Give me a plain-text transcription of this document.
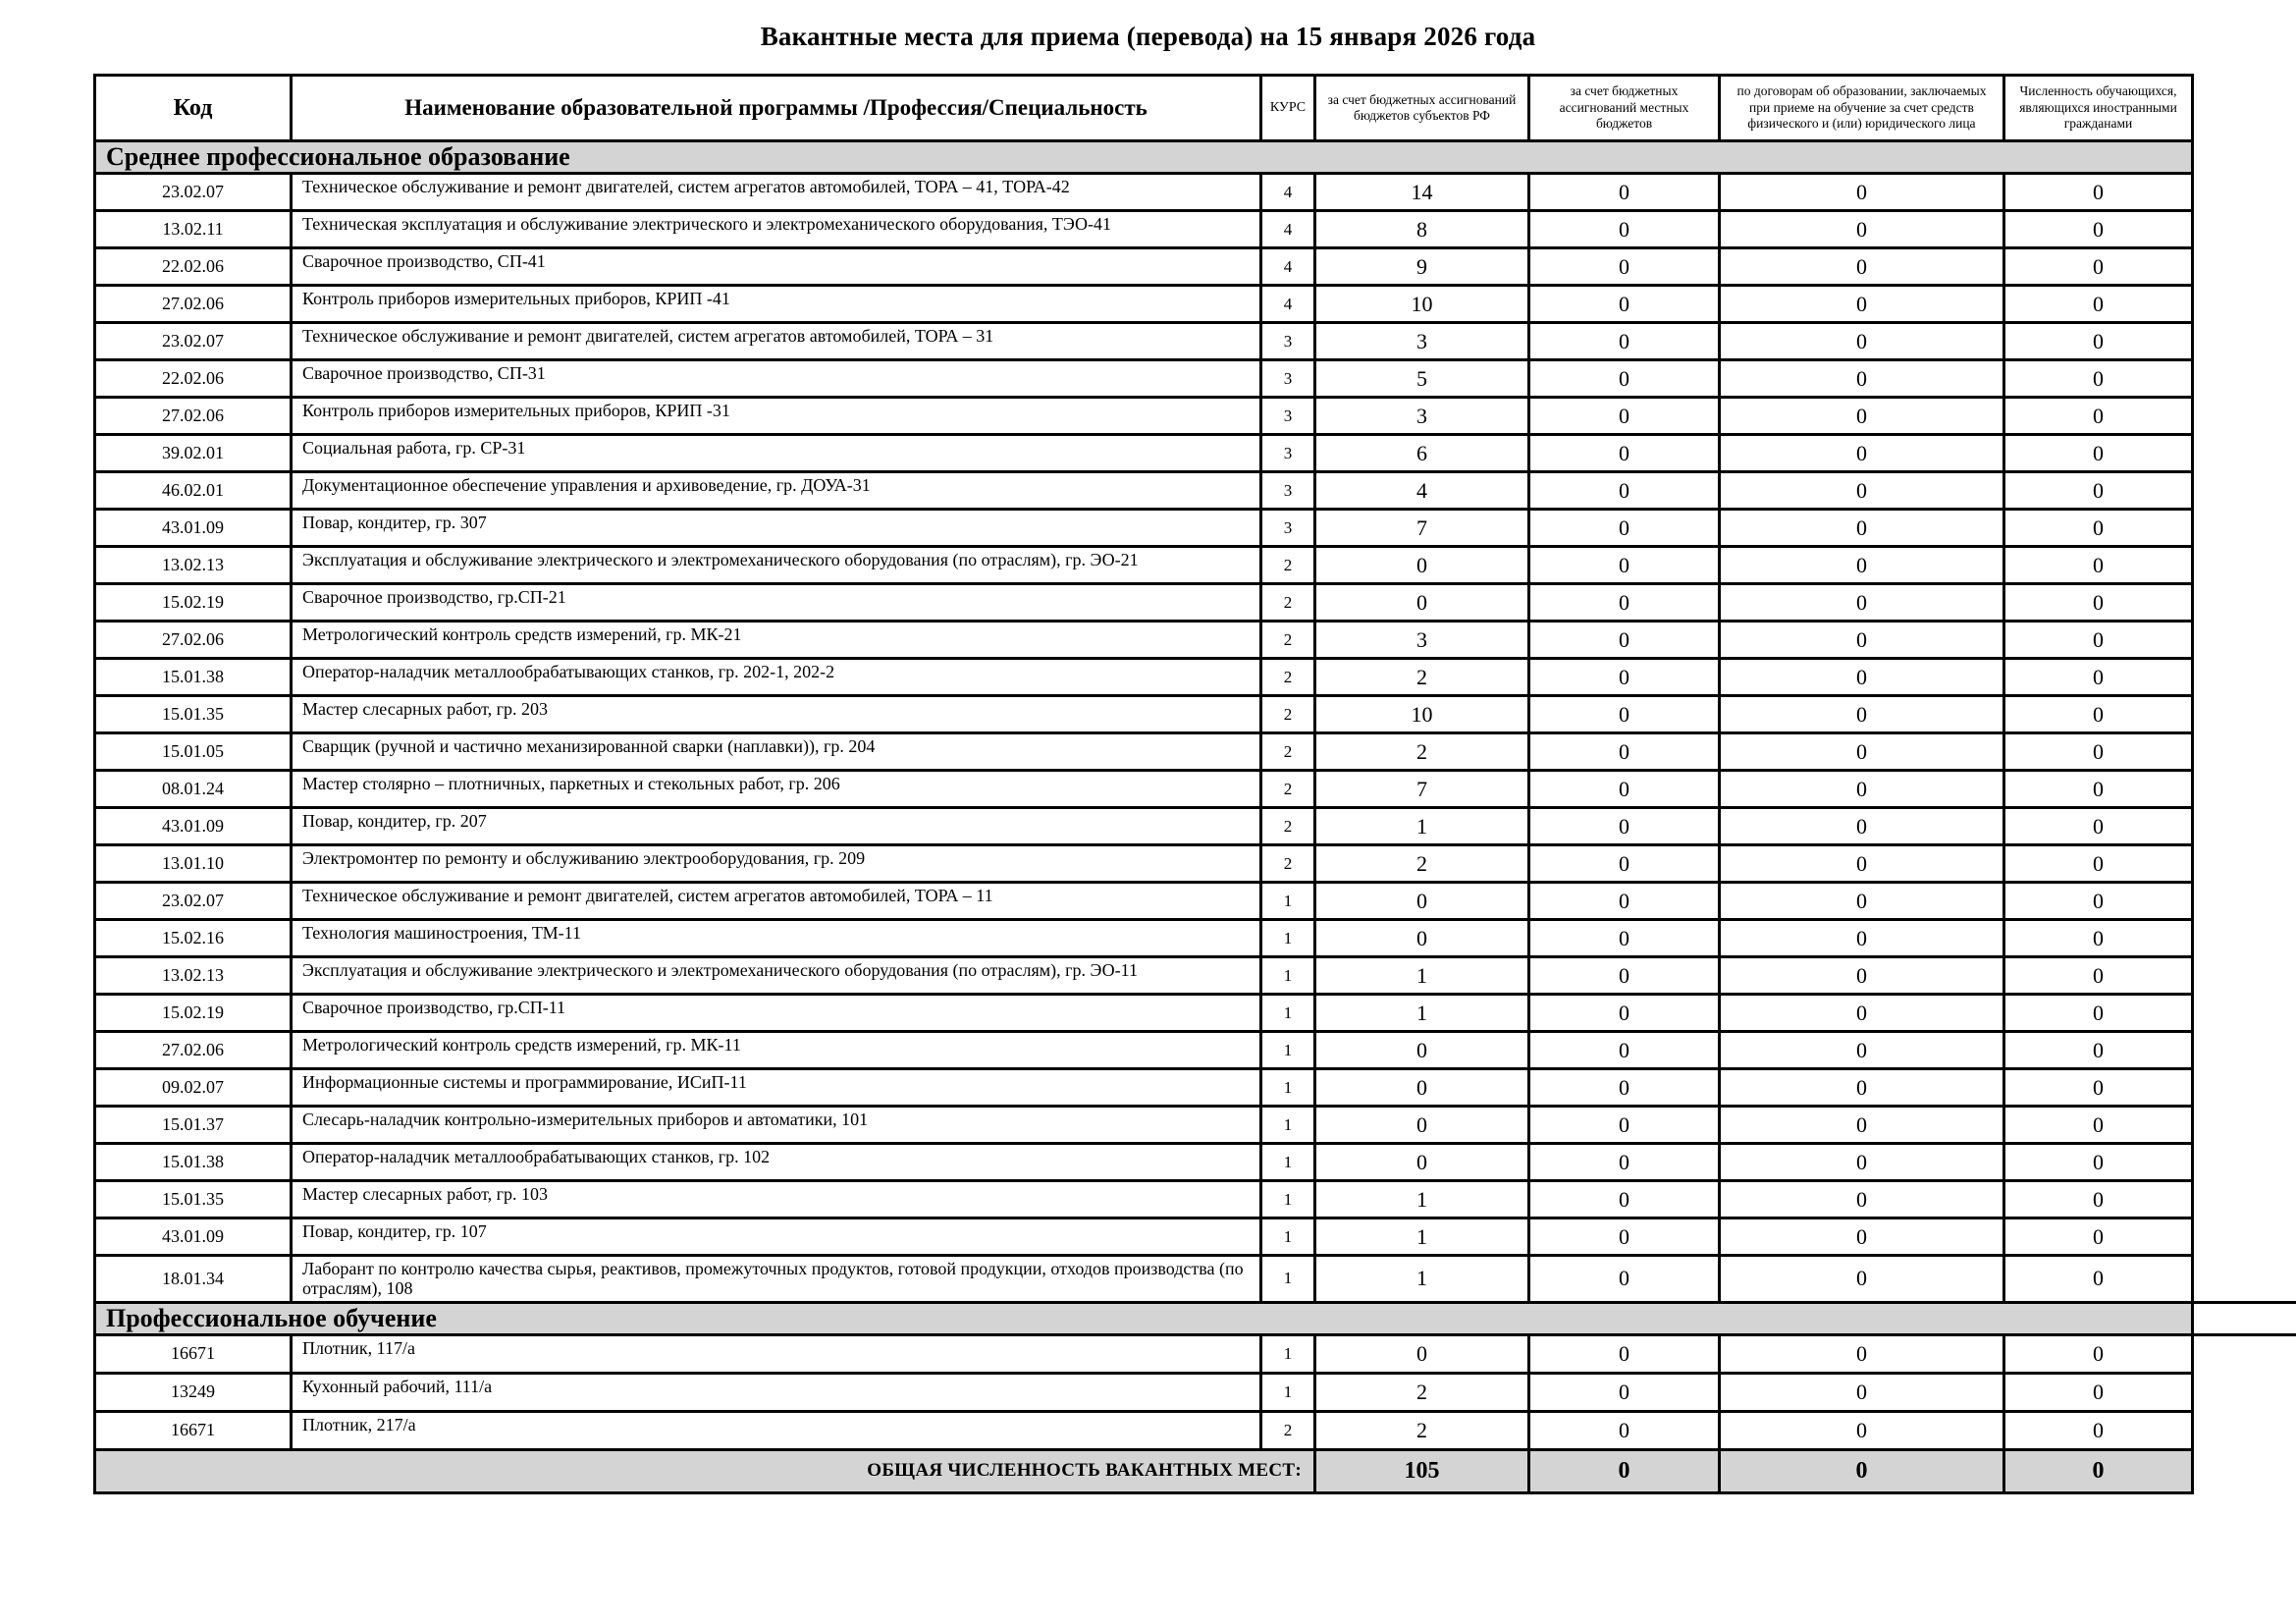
Вакантные места для приема (перевода) на 15 января 2026 года
Код	Наименование образовательной программы /Профессия/Специальность	КУРС	за счет бюджетных ассигнований бюджетов субъектов РФ	за счет бюджетных ассигнований местных бюджетов	по договорам об образовании, заключаемых при приеме на обучение за счет средств физического и (или) юридического лица	Численность обучающихся, являющихся иностранными гражданами
Среднее профессиональное образование						
23.02.07	Техническое обслуживание и ремонт двигателей, систем агрегатов автомобилей, ТОРА – 41, ТОРА-42	4	14	0	0	0
13.02.11	Техническая эксплуатация и обслуживание электрического и электромеханического оборудования, ТЭО-41	4	8	0	0	0
22.02.06	Сварочное производство, СП-41	4	9	0	0	0
27.02.06	Контроль приборов измерительных приборов, КРИП -41	4	10	0	0	0
23.02.07	Техническое обслуживание и ремонт двигателей, систем агрегатов автомобилей, ТОРА – 31	3	3	0	0	0
22.02.06	Сварочное производство, СП-31	3	5	0	0	0
27.02.06	Контроль приборов измерительных приборов, КРИП -31	3	3	0	0	0
39.02.01	Социальная работа, гр. СР-31	3	6	0	0	0
46.02.01	Документационное обеспечение управления и архивоведение, гр. ДОУА-31	3	4	0	0	0
43.01.09	Повар, кондитер, гр. 307	3	7	0	0	0
13.02.13	Эксплуатация и обслуживание электрического и электромеханического оборудования (по отраслям), гр. ЭО-21	2	0	0	0	0
15.02.19	Сварочное производство, гр.СП-21	2	0	0	0	0
27.02.06	Метрологический контроль средств измерений, гр. МК-21	2	3	0	0	0
15.01.38	Оператор-наладчик металлообрабатывающих станков, гр. 202-1, 202-2	2	2	0	0	0
15.01.35	Мастер слесарных работ, гр. 203	2	10	0	0	0
15.01.05	Сварщик (ручной и частично механизированной сварки (наплавки)), гр. 204	2	2	0	0	0
08.01.24	Мастер столярно – плотничных, паркетных и стекольных работ, гр. 206	2	7	0	0	0
43.01.09	Повар, кондитер, гр. 207	2	1	0	0	0
13.01.10	Электромонтер по ремонту и обслуживанию электрооборудования, гр. 209	2	2	0	0	0
23.02.07	Техническое обслуживание и ремонт двигателей, систем агрегатов автомобилей, ТОРА – 11	1	0	0	0	0
15.02.16	Технология машиностроения, ТМ-11	1	0	0	0	0
13.02.13	Эксплуатация и обслуживание электрического и электромеханического оборудования (по отраслям), гр. ЭО-11	1	1	0	0	0
15.02.19	Сварочное производство, гр.СП-11	1	1	0	0	0
27.02.06	Метрологический контроль средств измерений, гр. МК-11	1	0	0	0	0
09.02.07	Информационные системы и программирование, ИСиП-11	1	0	0	0	0
15.01.37	Слесарь-наладчик контрольно-измерительных приборов и автоматики, 101	1	0	0	0	0
15.01.38	Оператор-наладчик металлообрабатывающих станков, гр. 102	1	0	0	0	0
15.01.35	Мастер слесарных работ, гр. 103	1	1	0	0	0
43.01.09	Повар, кондитер, гр. 107	1	1	0	0	0
18.01.34	Лаборант по контролю качества сырья, реактивов, промежуточных продуктов, готовой продукции, отходов производства (по отраслям), 108	1	1	0	0	0
Профессиональное обучение						
16671	Плотник, 117/а	1	0	0	0	0
13249	Кухонный рабочий, 111/а	1	2	0	0	0
16671	Плотник, 217/а	2	2	0	0	0
ОБЩАЯ ЧИСЛЕННОСТЬ ВАКАНТНЫХ МЕСТ:			105	0	0	0
